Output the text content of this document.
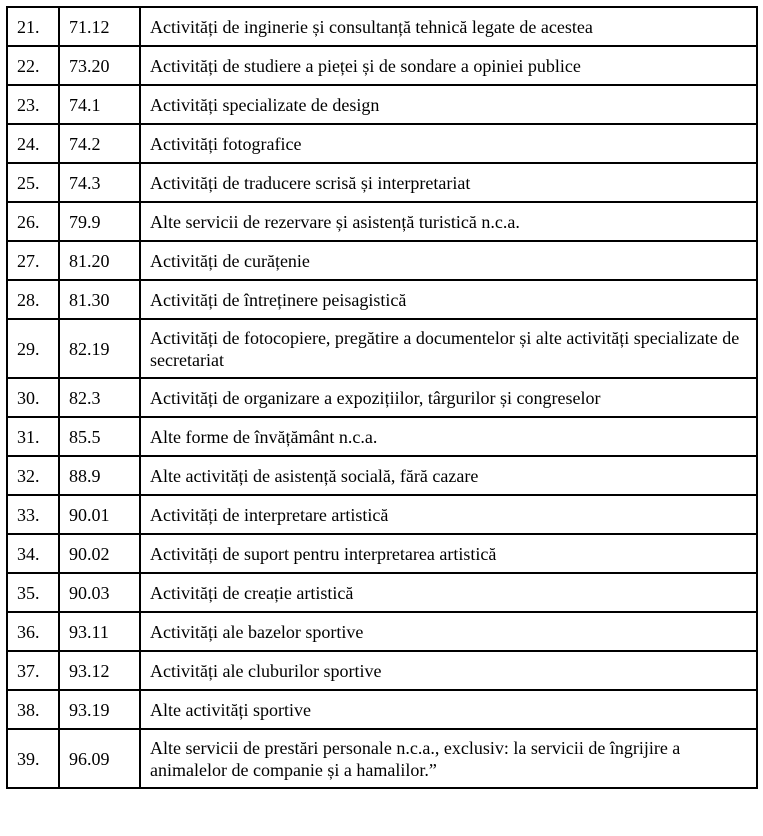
21.	71.12	Activități de inginerie și consultanță tehnică legate de acestea
22.	73.20	Activități de studiere a pieței și de sondare a opiniei publice
23.	74.1	Activități specializate de design
24.	74.2	Activități fotografice
25.	74.3	Activități de traducere scrisă și interpretariat
26.	79.9	Alte servicii de rezervare și asistență turistică n.c.a.
27.	81.20	Activități de curățenie
28.	81.30	Activități de întreținere peisagistică
29.	82.19	Activități de fotocopiere, pregătire a documentelor și alte activități specializate de secretariat
30.	82.3	Activități de organizare a expozițiilor, târgurilor și congreselor
31.	85.5	Alte forme de învățământ n.c.a.
32.	88.9	Alte activități de asistență socială, fără cazare
33.	90.01	Activități de interpretare artistică
34.	90.02	Activități de suport pentru interpretarea artistică
35.	90.03	Activități de creație artistică
36.	93.11	Activități ale bazelor sportive
37.	93.12	Activități ale cluburilor sportive
38.	93.19	Alte activități sportive
39.	96.09	Alte servicii de prestări personale n.c.a., exclusiv: la servicii de îngrijire a animalelor de companie și a hamalilor.”
